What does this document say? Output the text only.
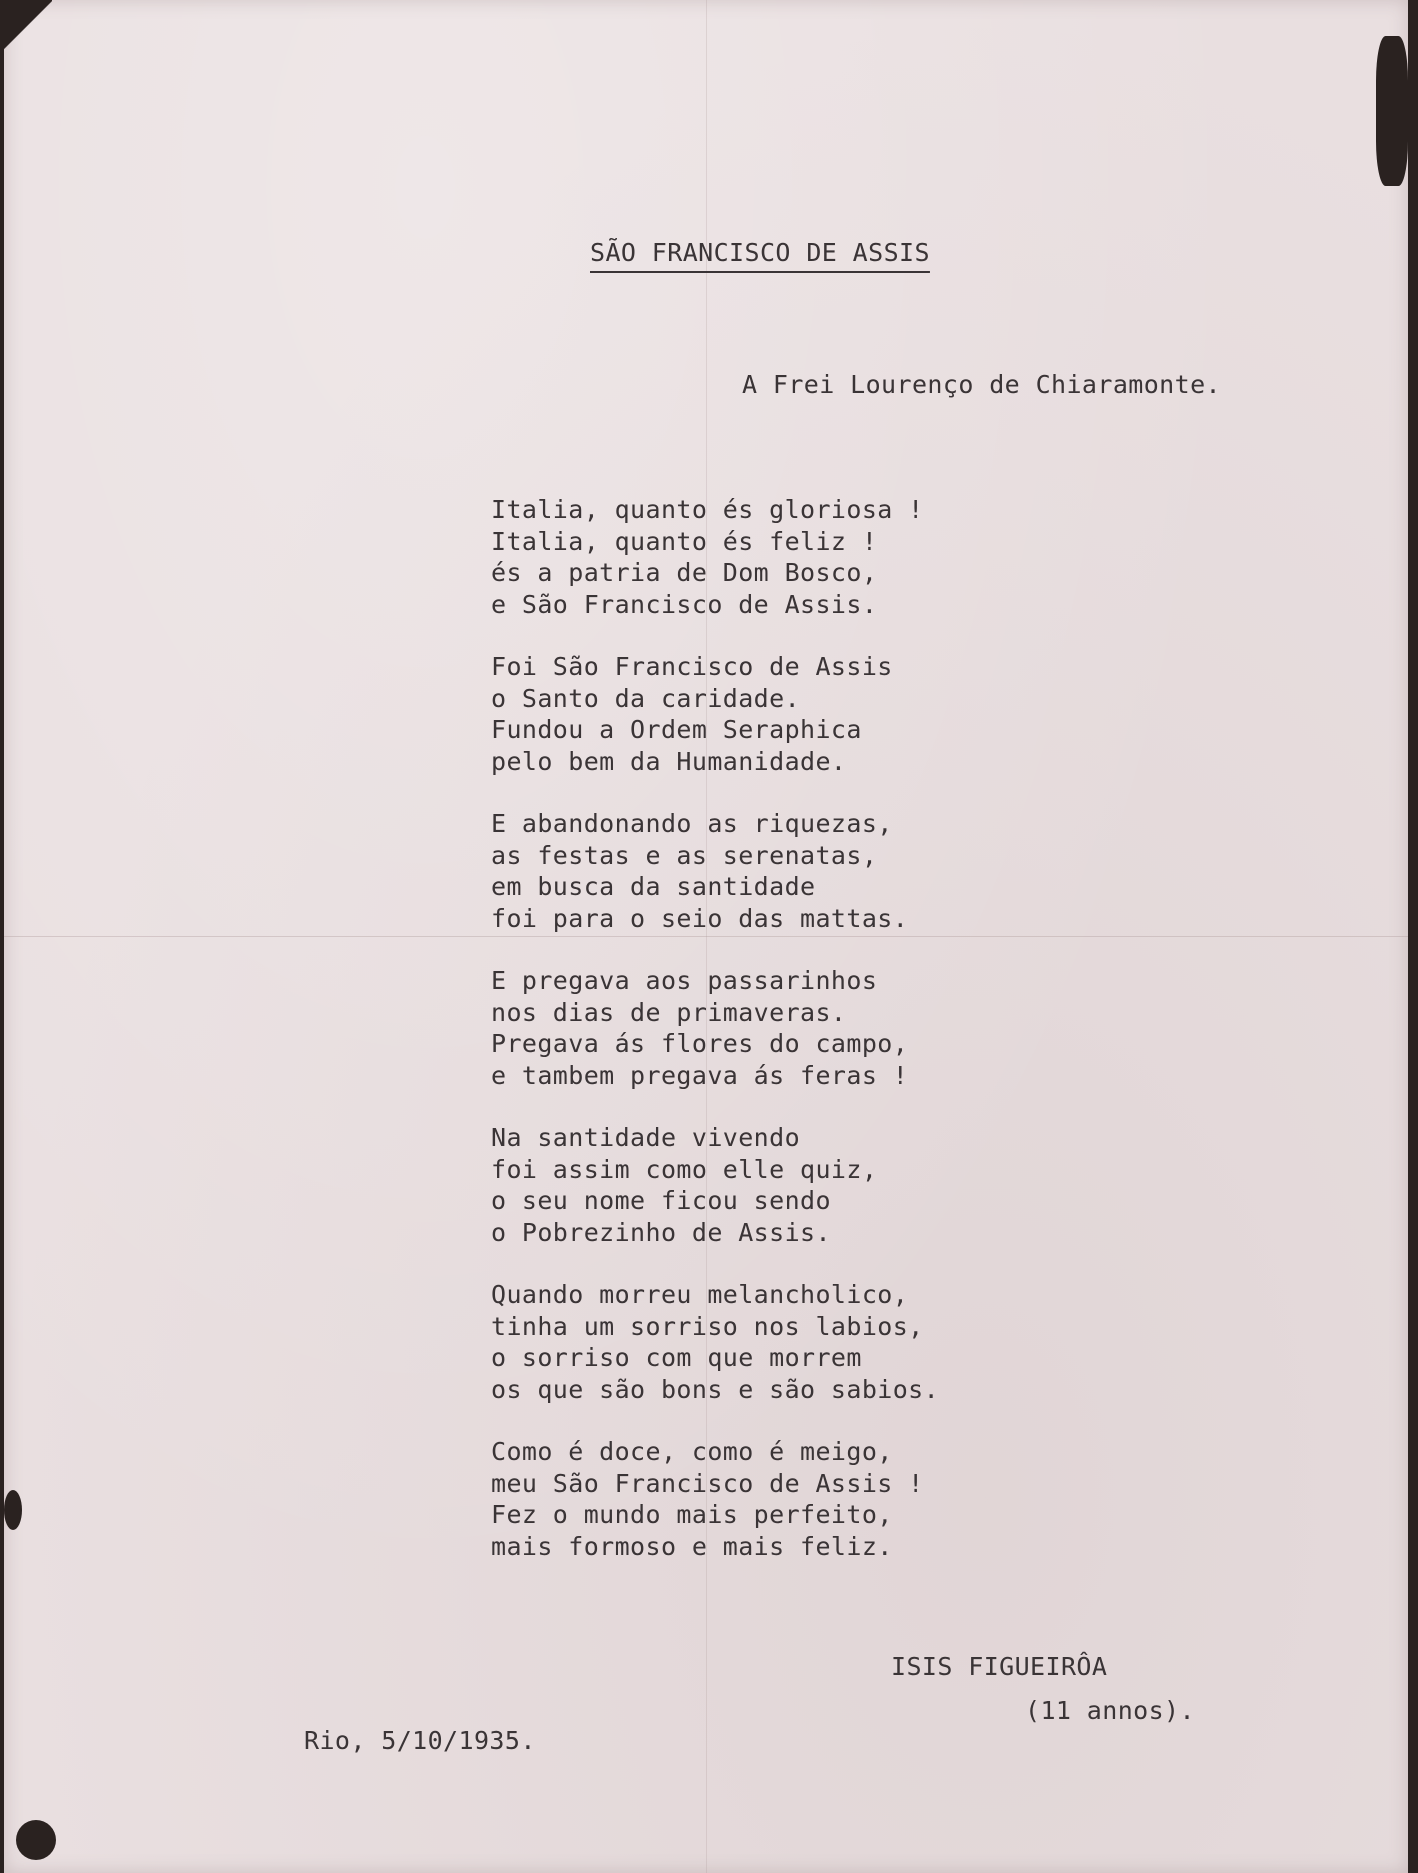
SÃO FRANCISCO DE ASSIS
A Frei Lourenço de Chiaramonte.
Italia, quanto és gloriosa !
Italia, quanto és feliz !
és a patria de Dom Bosco,
e São Francisco de Assis.
Foi São Francisco de Assis
o Santo da caridade.
Fundou a Ordem Seraphica
pelo bem da Humanidade.
E abandonando as riquezas,
as festas e as serenatas,
em busca da santidade
foi para o seio das mattas.
E pregava aos passarinhos
nos dias de primaveras.
Pregava ás flores do campo,
e tambem pregava ás feras !
Na santidade vivendo
foi assim como elle quiz,
o seu nome ficou sendo
o Pobrezinho de Assis.
Quando morreu melancholico,
tinha um sorriso nos labios,
o sorriso com que morrem
os que são bons e são sabios.
Como é doce, como é meigo,
meu São Francisco de Assis !
Fez o mundo mais perfeito,
mais formoso e mais feliz.
ISIS FIGUEIRÔA
(11 annos).
Rio, 5/10/1935.
